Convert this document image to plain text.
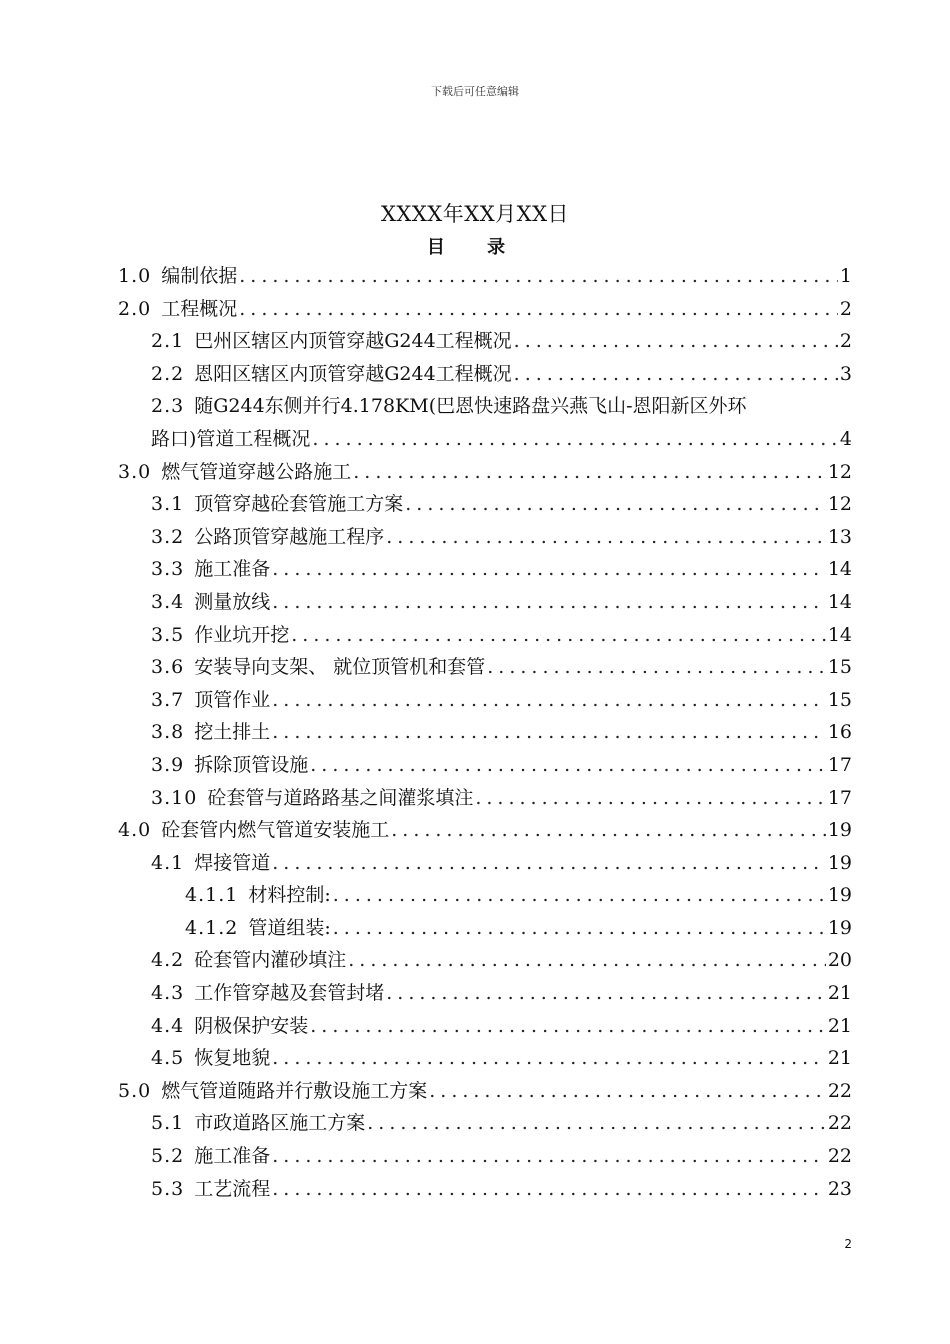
下载后可任意编辑
XXXX年XX月XX日
目 录
1.0 编制依据 .....	1
2.0 工程概况 .....	2
2.1 巴州区辖区内顶管穿越G244工程概况 .....	2
2.2 恩阳区辖区内顶管穿越G244工程概况 .....	3
2.3 随G244东侧并行4.178KM(巴恩快速路盘兴燕飞山-恩阳新区外环
路口)管道工程概况 .....	4
3.0 燃气管道穿越公路施工 .....	12
3.1 顶管穿越砼套管施工方案 .....	12
3.2 公路顶管穿越施工程序 .....	13
3.3 施工准备 .....	14
3.4 测量放线 .....	14
3.5 作业坑开挖 .....	14
3.6 安装导向支架、 就位顶管机和套管 .....	15
3.7 顶管作业 .....	15
3.8 挖土排土 .....	16
3.9 拆除顶管设施 .....	17
3.10 砼套管与道路路基之间灌浆填注 .....	17
4.0 砼套管内燃气管道安装施工 .....	19
4.1 焊接管道 .....	19
4.1.1 材料控制: .....	19
4.1.2 管道组装: .....	19
4.2 砼套管内灌砂填注 .....	20
4.3 工作管穿越及套管封堵 .....	21
4.4 阴极保护安装 .....	21
4.5 恢复地貌 .....	21
5.0 燃气管道随路并行敷设施工方案 .....	22
5.1 市政道路区施工方案 .....	22
5.2 施工准备 .....	22
5.3 工艺流程 .....	23
2
